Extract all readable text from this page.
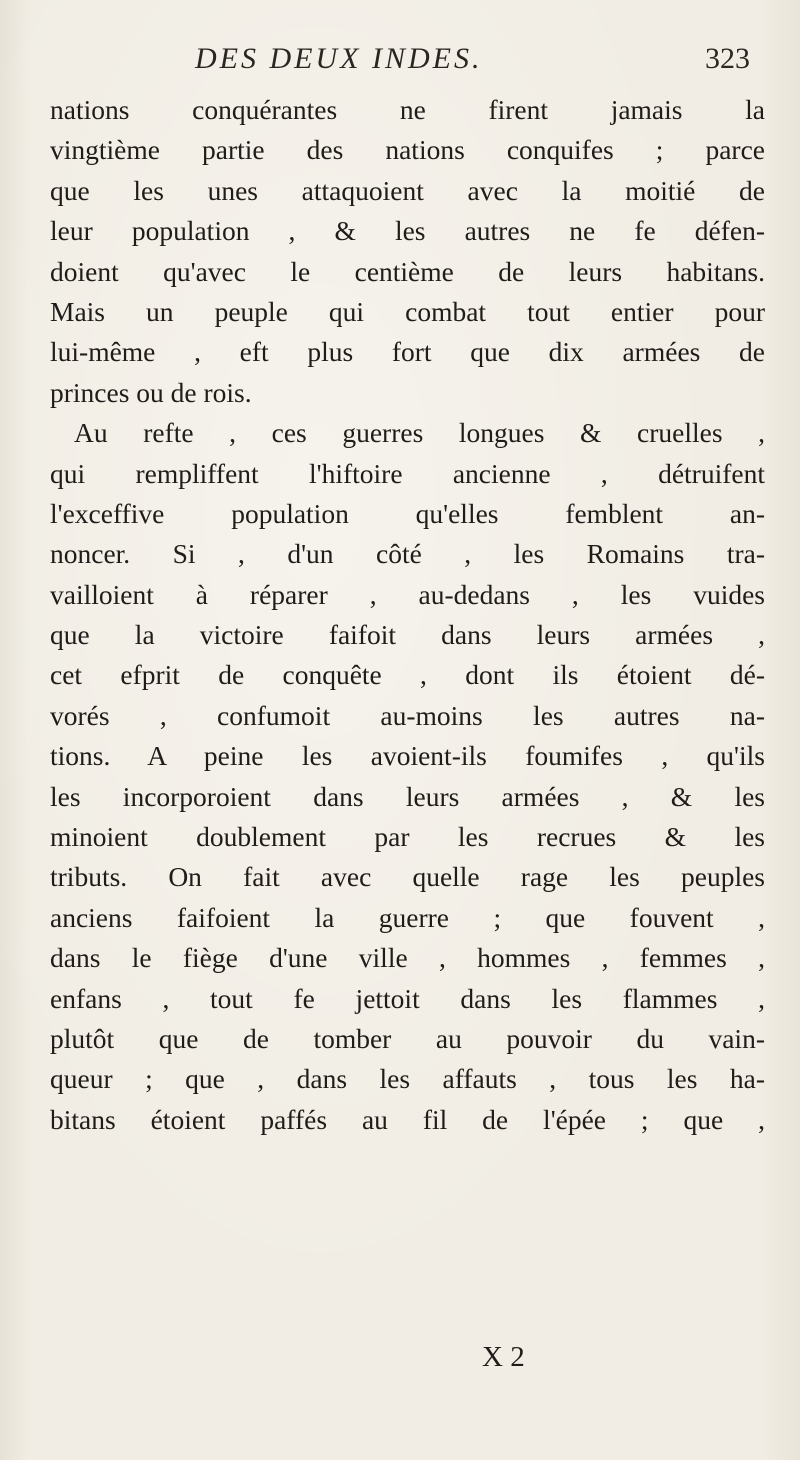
DES DEUX INDES.	323
nations conquérantes ne firent jamais la
vingtième partie des nations conquifes ; parce
que les unes attaquoient avec la moitié de
leur population , & les autres ne fe défen-
doient qu'avec le centième de leurs habitans.
Mais un peuple qui combat tout entier pour
lui-même , eft plus fort que dix armées de
princes ou de rois.
Au refte , ces guerres longues & cruelles ,
qui rempliffent l'hiftoire ancienne , détruifent
l'exceffive population qu'elles femblent an-
noncer. Si , d'un côté , les Romains tra-
vailloient à réparer , au-dedans , les vuides
que la victoire faifoit dans leurs armées ,
cet efprit de conquête , dont ils étoient dé-
vorés , confumoit au-moins les autres na-
tions. A peine les avoient-ils foumifes , qu'ils
les incorporoient dans leurs armées , & les
minoient doublement par les recrues & les
tributs. On fait avec quelle rage les peuples
anciens faifoient la guerre ; que fouvent ,
dans le fiège d'une ville , hommes , femmes ,
enfans , tout fe jettoit dans les flammes ,
plutôt que de tomber au pouvoir du vain-
queur ; que , dans les affauts , tous les ha-
bitans étoient paffés au fil de l'épée ; que ,
X 2
